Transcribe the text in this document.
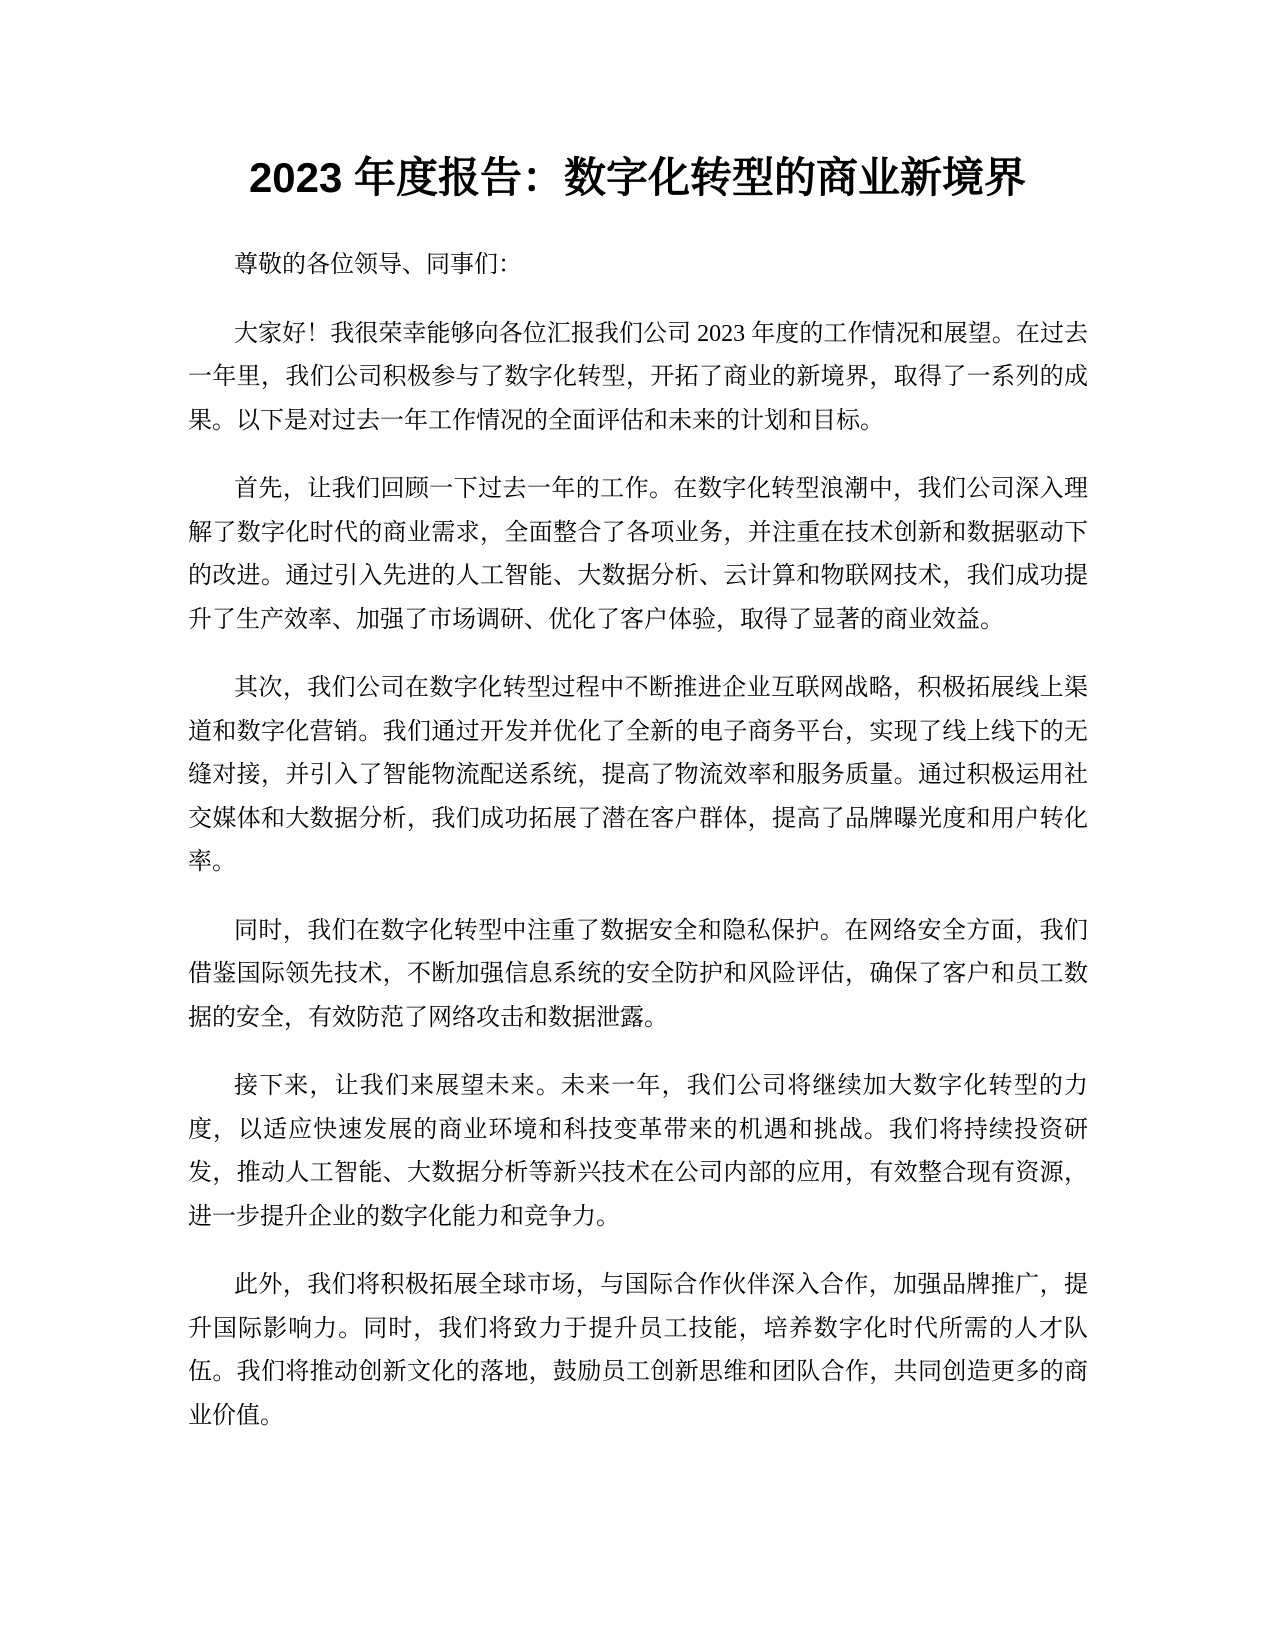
2023 年度报告：数字化转型的商业新境界

尊敬的各位领导、同事们：

大家好！我很荣幸能够向各位汇报我们公司 2023 年度的工作情况和展望。在过去一年里，我们公司积极参与了数字化转型，开拓了商业的新境界，取得了一系列的成果。以下是对过去一年工作情况的全面评估和未来的计划和目标。

首先，让我们回顾一下过去一年的工作。在数字化转型浪潮中，我们公司深入理解了数字化时代的商业需求，全面整合了各项业务，并注重在技术创新和数据驱动下的改进。通过引入先进的人工智能、大数据分析、云计算和物联网技术，我们成功提升了生产效率、加强了市场调研、优化了客户体验，取得了显著的商业效益。

其次，我们公司在数字化转型过程中不断推进企业互联网战略，积极拓展线上渠道和数字化营销。我们通过开发并优化了全新的电子商务平台，实现了线上线下的无缝对接，并引入了智能物流配送系统，提高了物流效率和服务质量。通过积极运用社交媒体和大数据分析，我们成功拓展了潜在客户群体，提高了品牌曝光度和用户转化率。

同时，我们在数字化转型中注重了数据安全和隐私保护。在网络安全方面，我们借鉴国际领先技术，不断加强信息系统的安全防护和风险评估，确保了客户和员工数据的安全，有效防范了网络攻击和数据泄露。

接下来，让我们来展望未来。未来一年，我们公司将继续加大数字化转型的力度，以适应快速发展的商业环境和科技变革带来的机遇和挑战。我们将持续投资研发，推动人工智能、大数据分析等新兴技术在公司内部的应用，有效整合现有资源，进一步提升企业的数字化能力和竞争力。

此外，我们将积极拓展全球市场，与国际合作伙伴深入合作，加强品牌推广，提升国际影响力。同时，我们将致力于提升员工技能，培养数字化时代所需的人才队伍。我们将推动创新文化的落地，鼓励员工创新思维和团队合作，共同创造更多的商业价值。
